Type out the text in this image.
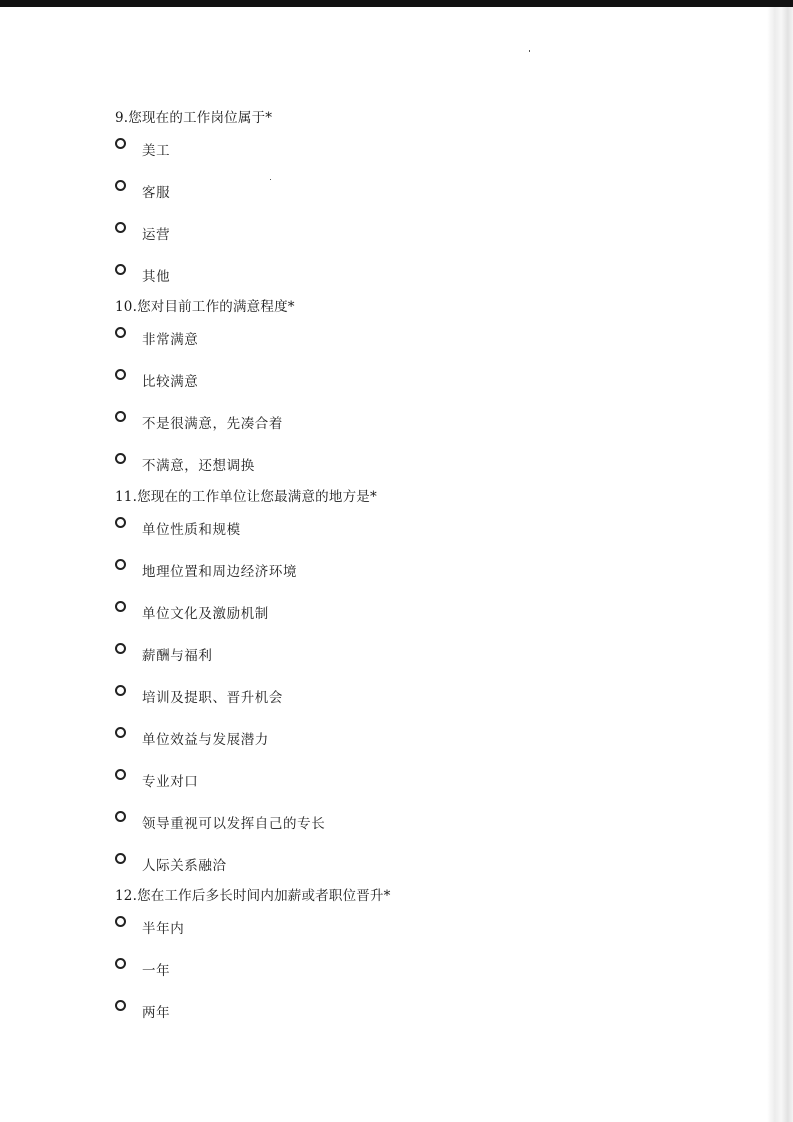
9.您现在的工作岗位属于*
美工
客服
运营
其他
10.您对目前工作的满意程度*
非常满意
比较满意
不是很满意，先凑合着
不满意，还想调换
11.您现在的工作单位让您最满意的地方是*
单位性质和规模
地理位置和周边经济环境
单位文化及激励机制
薪酬与福利
培训及提职、晋升机会
单位效益与发展潜力
专业对口
领导重视可以发挥自己的专长
人际关系融洽
12.您在工作后多长时间内加薪或者职位晋升*
半年内
一年
两年
